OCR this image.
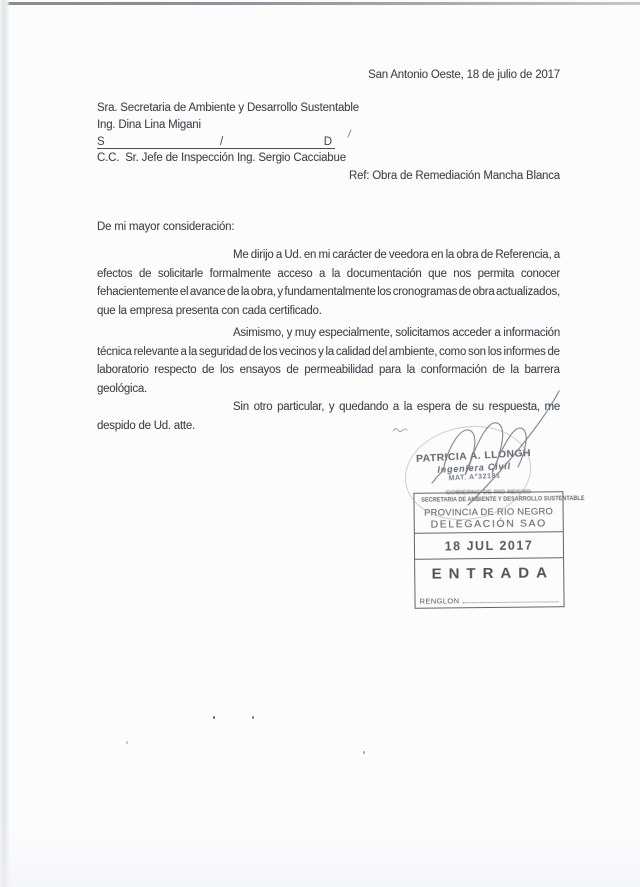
San Antonio Oeste, 18 de julio de 2017
Sra. Secretaria de Ambiente y Desarrollo Sustentable
Ing. Dina Lina Migani
S	/	D
C.C.  Sr. Jefe de Inspección Ing. Sergio Cacciabue
Ref: Obra de Remediación Mancha Blanca
De mi mayor consideración:
Me dirijo a Ud. en mi carácter de veedora en la obra de Referencia, a
efectos de solicitarle formalmente acceso a la documentación que nos permita conocer
fehacientemente el avance de la obra, y fundamentalmente los cronogramas de obra actualizados,
que la empresa presenta con cada certificado.
Asimismo, y muy especialmente, solicitamos acceder a información
técnica relevante a la seguridad de los vecinos y la calidad del ambiente, como son los informes de
laboratorio respecto de los ensayos de permeabilidad para la conformación de la barrera
geológica.
Sin otro particular, y quedando a la espera de su respuesta, me
despido de Ud. atte.
PATRICIA A. LLONGH
Ingeniera Civil
MAT. A°32181
GOBIERNO DE RIO NEGRO
SECRETARIA DE AMBIENTE Y DESARROLLO SUSTENTABLE
PROVINCIA DE RIO NEGRO
DELEGACIÓN SAO
18 JUL 2017
ENTRADA
RENGLON
